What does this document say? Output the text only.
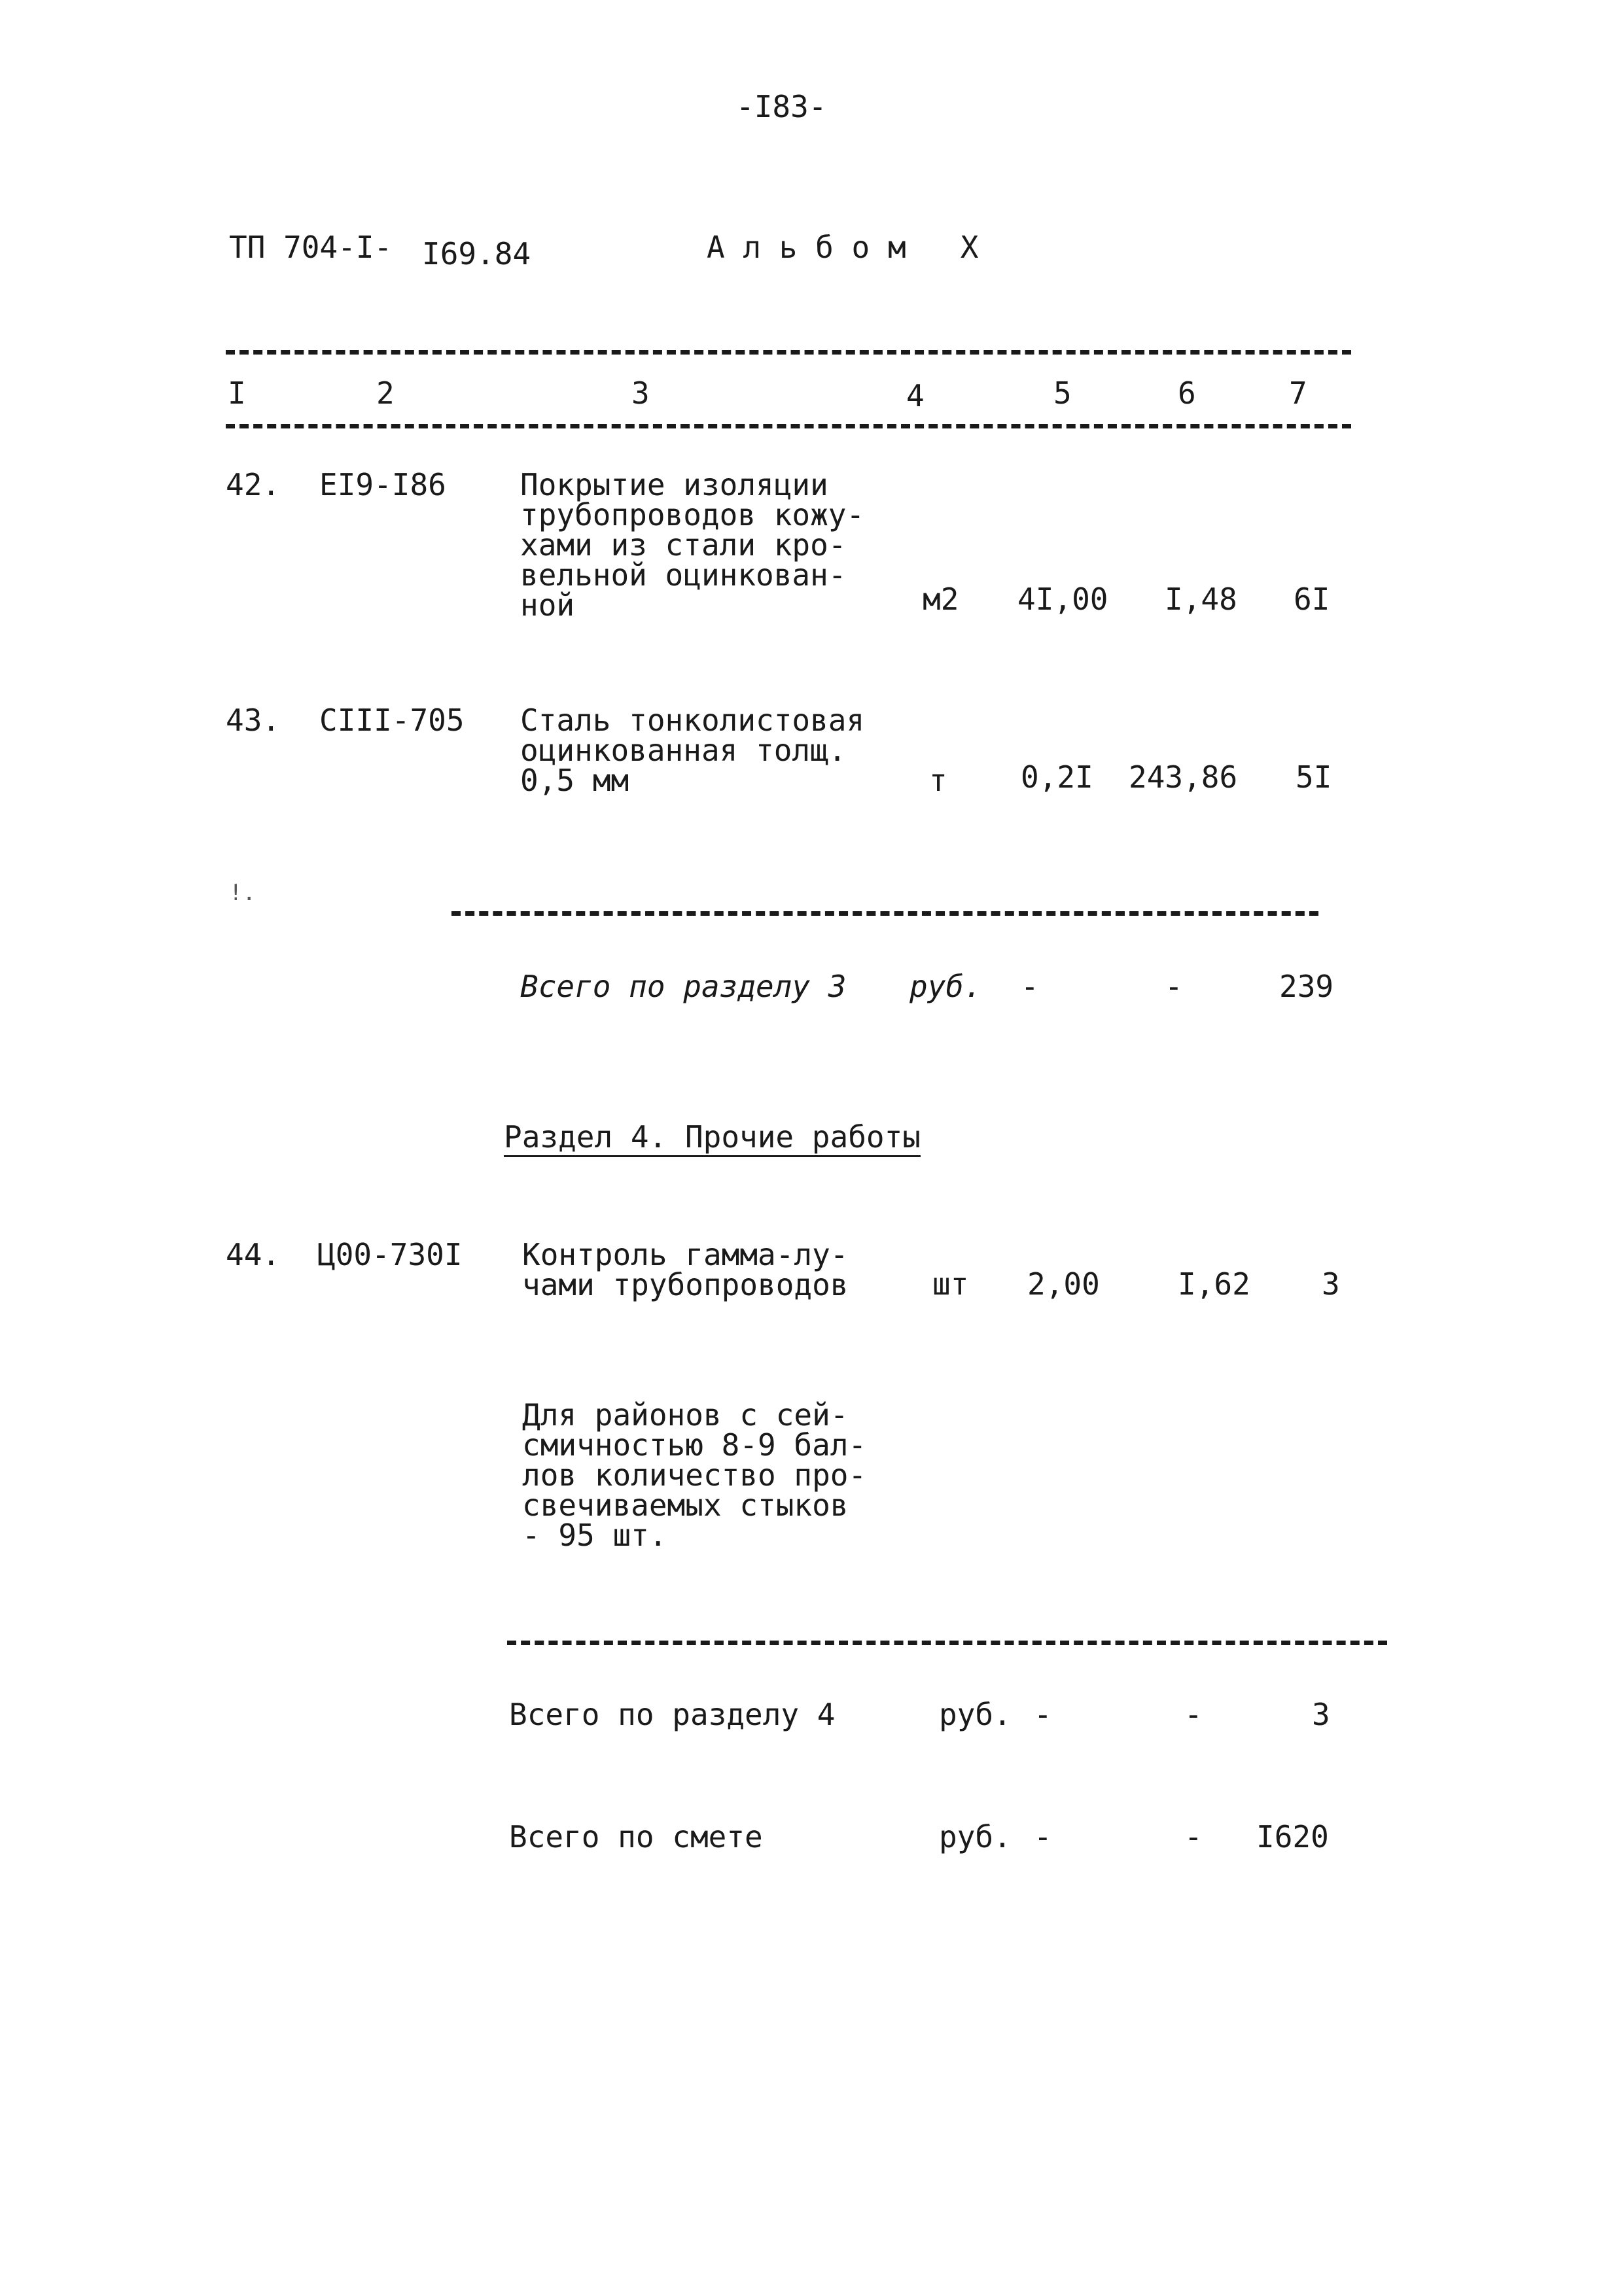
-I83-
ТП 704-I- I69.84	А л ь б о м   X
I	2	3	4	5	6	7
42. EI9-I86 Покрытие изоляции
трубопроводов кожу-
хами из стали кро-
вельной оцинкован-
ной	м2 4I,00 I,48 6I
43. CIII-705 Сталь тонколистовая
оцинкованная толщ.
0,5 мм	т 0,2I 243,86 5I
!.
Всего по разделу 3 руб. -	-	239
Раздел 4. Прочие работы
44. Ц00-730I Контроль гамма-лу-
чами трубопроводов	шт 2,00	I,62 3
Для районов с сей-
смичностью 8-9 бал-
лов количество про-
свечиваемых стыков
- 95 шт.
Всего по разделу 4	руб. -	-	3
Всего по смете	руб. -	- I620
